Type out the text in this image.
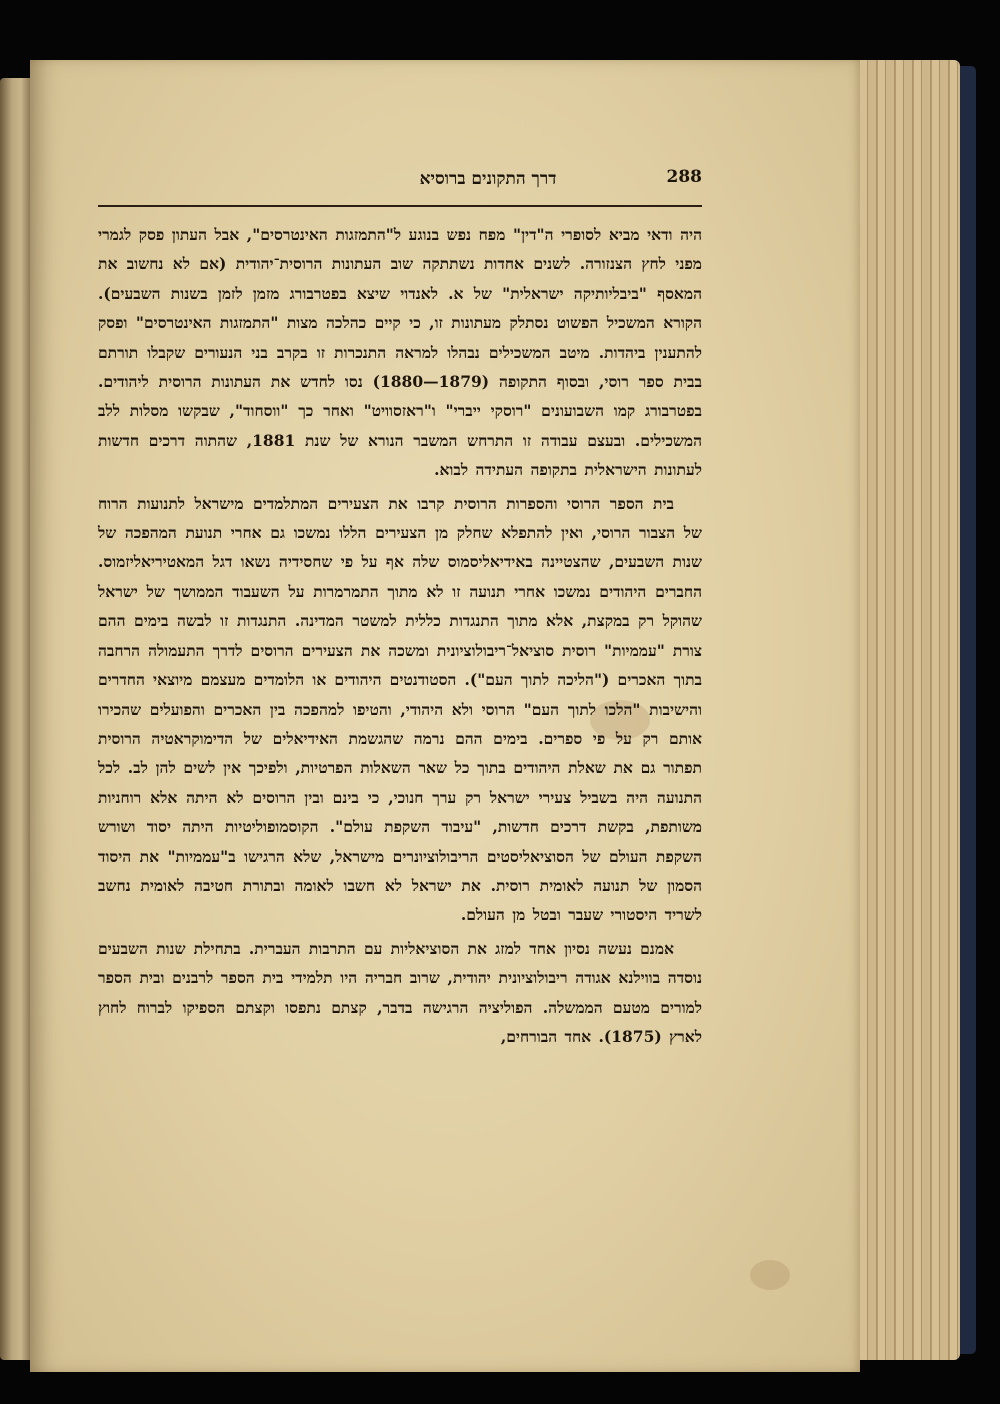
דרך התקונים ברוסיא	288

היה ודאי מביא לסופרי ה"דין" מפח נפש בנוגע ל"התמזגות האינטרסים", אבל העתון פסק לגמרי מפני לחץ הצנזורה. לשנים אחדות נשתתקה שוב העתונות הרוסית־יהודית (אם לא נחשוב את המאסף "ביבליותיקה ישראלית" של א. לאנדוי שיצא בפטרבורג מזמן לזמן בשנות השבעים). הקורא המשכיל הפשוט נסתלק מעתונות זו, כי קיים כהלכה מצות "התמזגות האינטרסים" ופסק להתענין ביהדות. מיטב המשכילים נבהלו למראה התנכרות זו בקרב בני הנעורים שקבלו תורתם בבית ספר רוסי, ובסוף התקופה (1879—1880) נסו לחדש את העתונות הרוסית ליהודים. בפטרבורג קמו השבועונים "רוסקי ייברי" ו"ראזסוויט" ואחר כך "ווסחוד", שבקשו מסלות ללב המשכילים. ובעצם עבודה זו התרחש המשבר הנורא של שנת 1881, שהתוה דרכים חדשות לעתונות הישראלית בתקופה העתידה לבוא.

בית הספר הרוסי והספרות הרוסית קרבו את הצעירים המתלמדים מישראל לתנועות הרוח של הצבור הרוסי, ואין להתפלא שחלק מן הצעירים הללו נמשכו גם אחרי תנועת המהפכה של שנות השבעים, שהצטיינה באידיאליסמוס שלה אף על פי שחסידיה נשאו דגל המאטיריאליזמוס. החברים היהודים נמשכו אחרי תנועה זו לא מתוך התמרמרות על השעבוד הממושך של ישראל שהוקל רק במקצת, אלא מתוך התנגדות כללית למשטר המדינה. התנגדות זו לבשה בימים ההם צורת "עממיות" רוסית סוציאל־ריבולוציונית ומשכה את הצעירים הרוסים לדרך התעמולה הרחבה בתוך האכרים ("הליכה לתוך העם"). הסטודנטים היהודים או הלומדים מעצמם מיוצאי החדרים והישיבות "הלכו לתוך העם" הרוסי ולא היהודי, והטיפו למהפכה בין האכרים והפועלים שהכירו אותם רק על פי ספרים. בימים ההם נרמה שהגשמת האידיאלים של הדימוקראטיה הרוסית תפתור גם את שאלת היהודים בתוך כל שאר השאלות הפרטיות, ולפיכך אין לשים להן לב. לכל התנועה היה בשביל צעירי ישראל רק ערך חנוכי, כי בינם ובין הרוסים לא היתה אלא רוחניות משותפת, בקשת דרכים חדשות, "עיבוד השקפת עולם". הקוסמופוליטיות היתה יסוד ושורש השקפת העולם של הסוציאליסטים הריבולוציונרים מישראל, שלא הרגישו ב"עממיות" את היסוד הסמון של תנועה לאומית רוסית. את ישראל לא חשבו לאומה ובתורת חטיבה לאומית נחשב לשריד היסטורי שעבר ובטל מן העולם.

אמנם נעשה נסיון אחד למזג את הסוציאליות עם התרבות העברית. בתחילת שנות השבעים נוסדה בווילנא אגודה ריבולוציונית יהודית, שרוב חבריה היו תלמידי בית הספר לרבנים ובית הספר למורים מטעם הממשלה. הפוליציה הרגישה בדבר, קצתם נתפסו וקצתם הספיקו לברוח לחוץ לארץ (1875). אחד הבורחים,
